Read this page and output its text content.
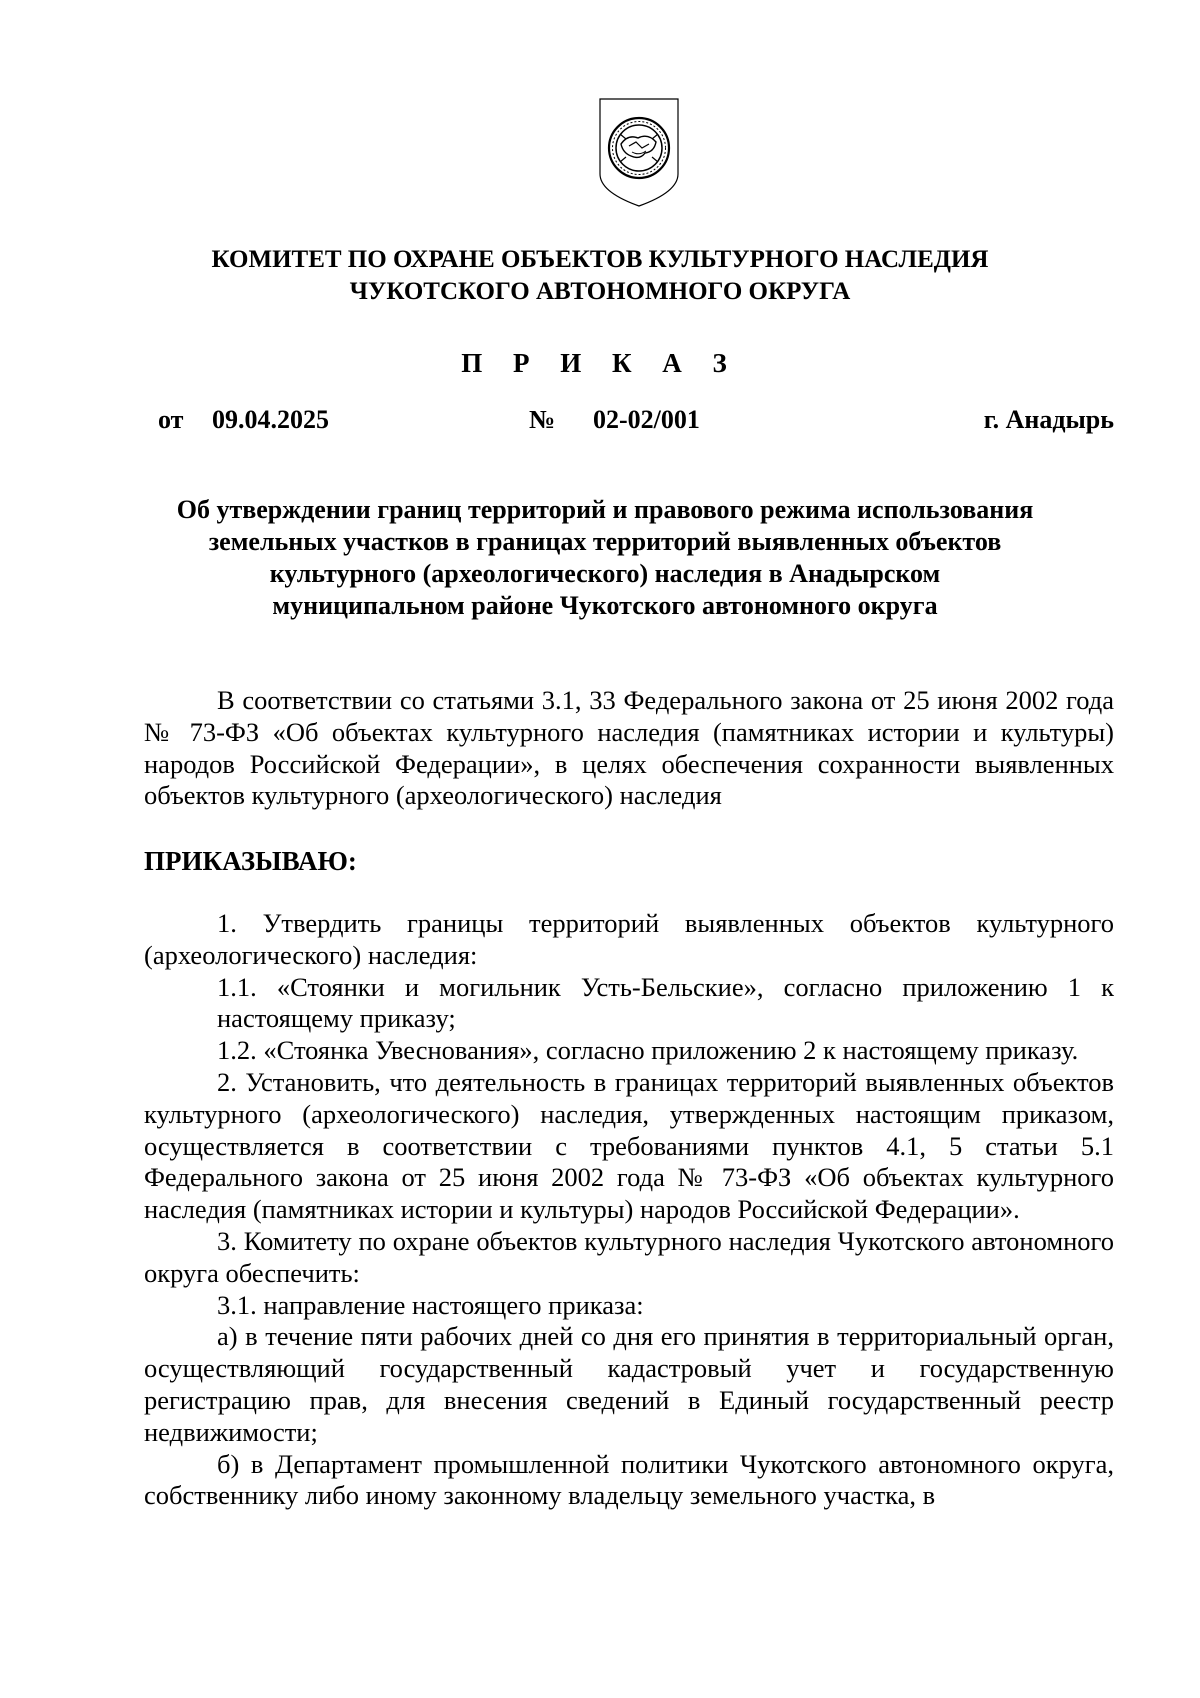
КОМИТЕТ ПО ОХРАНЕ ОБЪЕКТОВ КУЛЬТУРНОГО НАСЛЕДИЯ
ЧУКОТСКОГО АВТОНОМНОГО ОКРУГА
П Р И К А З
от 09.04.2025	№ 02-02/001	г. Анадырь
Об утверждении границ территорий и правового режима использования
земельных участков в границах территорий выявленных объектов
культурного (археологического) наследия в Анадырском
муниципальном районе Чукотского автономного округа

В соответствии со статьями 3.1, 33 Федерального закона от 25 июня 2002 года № 73-ФЗ «Об объектах культурного наследия (памятниках истории и культуры) народов Российской Федерации», в целях обеспечения сохранности выявленных объектов культурного (археологического) наследия

ПРИКАЗЫВАЮ:

1. Утвердить границы территорий выявленных объектов культурного (археологического) наследия:

1.1. «Стоянки и могильник Усть-Бельские», согласно приложению 1 к настоящему приказу;

1.2. «Стоянка Увеснования», согласно приложению 2 к настоящему приказу.

2. Установить, что деятельность в границах территорий выявленных объектов культурного (археологического) наследия, утвержденных настоящим приказом, осуществляется в соответствии с требованиями пунктов 4.1, 5 статьи 5.1 Федерального закона от 25 июня 2002 года № 73-ФЗ «Об объектах культурного наследия (памятниках истории и культуры) народов Российской Федерации».

3. Комитету по охране объектов культурного наследия Чукотского автономного округа обеспечить:

3.1. направление настоящего приказа:

а) в течение пяти рабочих дней со дня его принятия в территориальный орган, осуществляющий государственный кадастровый учет и государственную регистрацию прав, для внесения сведений в Единый государственный реестр недвижимости;

б) в Департамент промышленной политики Чукотского автономного округа, собственнику либо иному законному владельцу земельного участка, в
